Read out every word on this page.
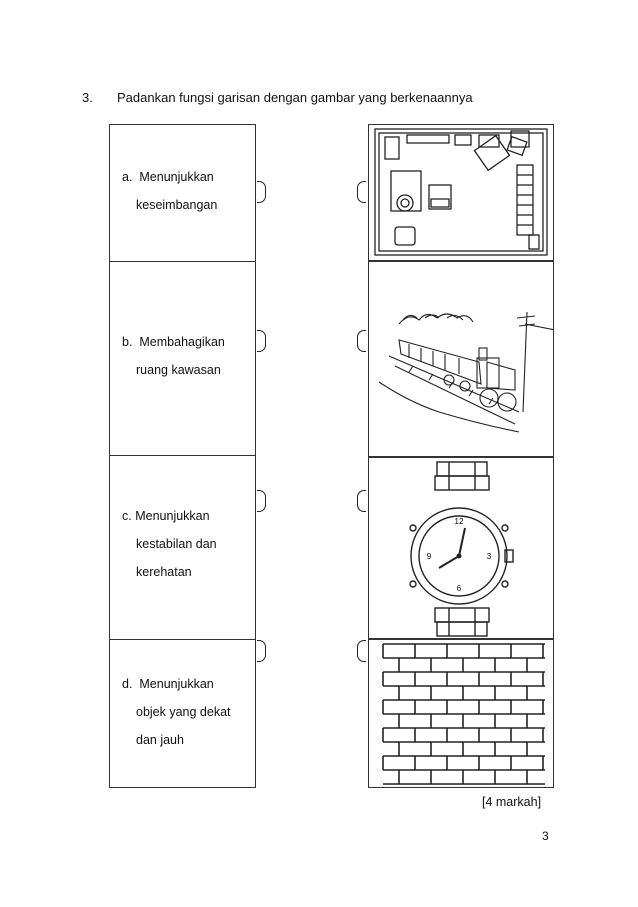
3. Padankan fungsi garisan dengan gambar yang berkenaannya
a. Menunjukkan
keseimbangan
b. Membahagikan
ruang kawasan
c. Menunjukkan
kestabilan dan
kerehatan
d. Menunjukkan
objek yang dekat
dan jauh
12
3
6
9
[4 markah]
3
